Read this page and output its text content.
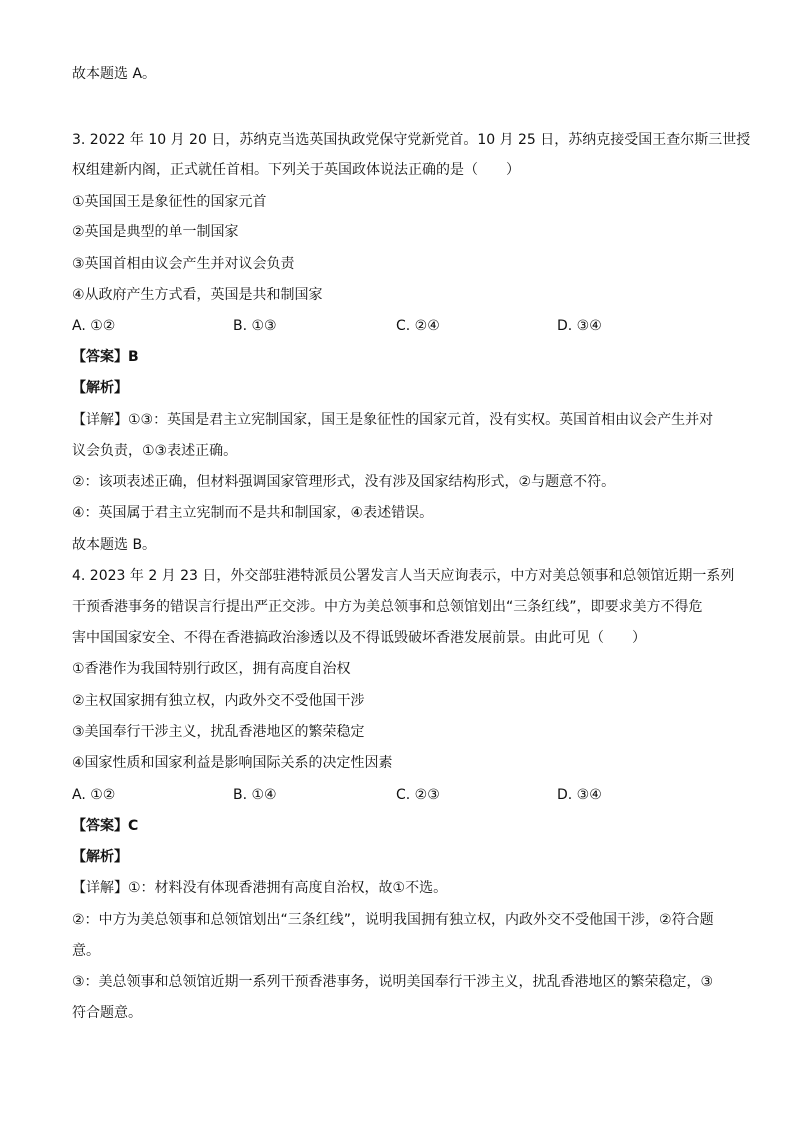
故本题选 A。
3. 2022 年 10 月 20 日，苏纳克当选英国执政党保守党新党首。10 月 25 日，苏纳克接受国王查尔斯三世授
权组建新内阁，正式就任首相。下列关于英国政体说法正确的是（　　）
①英国国王是象征性的国家元首
②英国是典型的单一制国家
③英国首相由议会产生并对议会负责
④从政府产生方式看，英国是共和制国家
A. ①②	B. ①③	C. ②④	D. ③④
【答案】B
【解析】
【详解】①③：英国是君主立宪制国家，国王是象征性的国家元首，没有实权。英国首相由议会产生并对
议会负责，①③表述正确。
②：该项表述正确，但材料强调国家管理形式，没有涉及国家结构形式，②与题意不符。
④：英国属于君主立宪制而不是共和制国家，④表述错误。
故本题选 B。
4. 2023 年 2 月 23 日，外交部驻港特派员公署发言人当天应询表示，中方对美总领事和总领馆近期一系列
干预香港事务的错误言行提出严正交涉。中方为美总领事和总领馆划出“三条红线”，即要求美方不得危
害中国国家安全、不得在香港搞政治渗透以及不得诋毁破坏香港发展前景。由此可见（　　）
①香港作为我国特别行政区，拥有高度自治权
②主权国家拥有独立权，内政外交不受他国干涉
③美国奉行干涉主义，扰乱香港地区的繁荣稳定
④国家性质和国家利益是影响国际关系的决定性因素
A. ①②	B. ①④	C. ②③	D. ③④
【答案】C
【解析】
【详解】①：材料没有体现香港拥有高度自治权，故①不选。
②：中方为美总领事和总领馆划出“三条红线”，说明我国拥有独立权，内政外交不受他国干涉，②符合题
意。
③：美总领事和总领馆近期一系列干预香港事务，说明美国奉行干涉主义，扰乱香港地区的繁荣稳定，③
符合题意。
